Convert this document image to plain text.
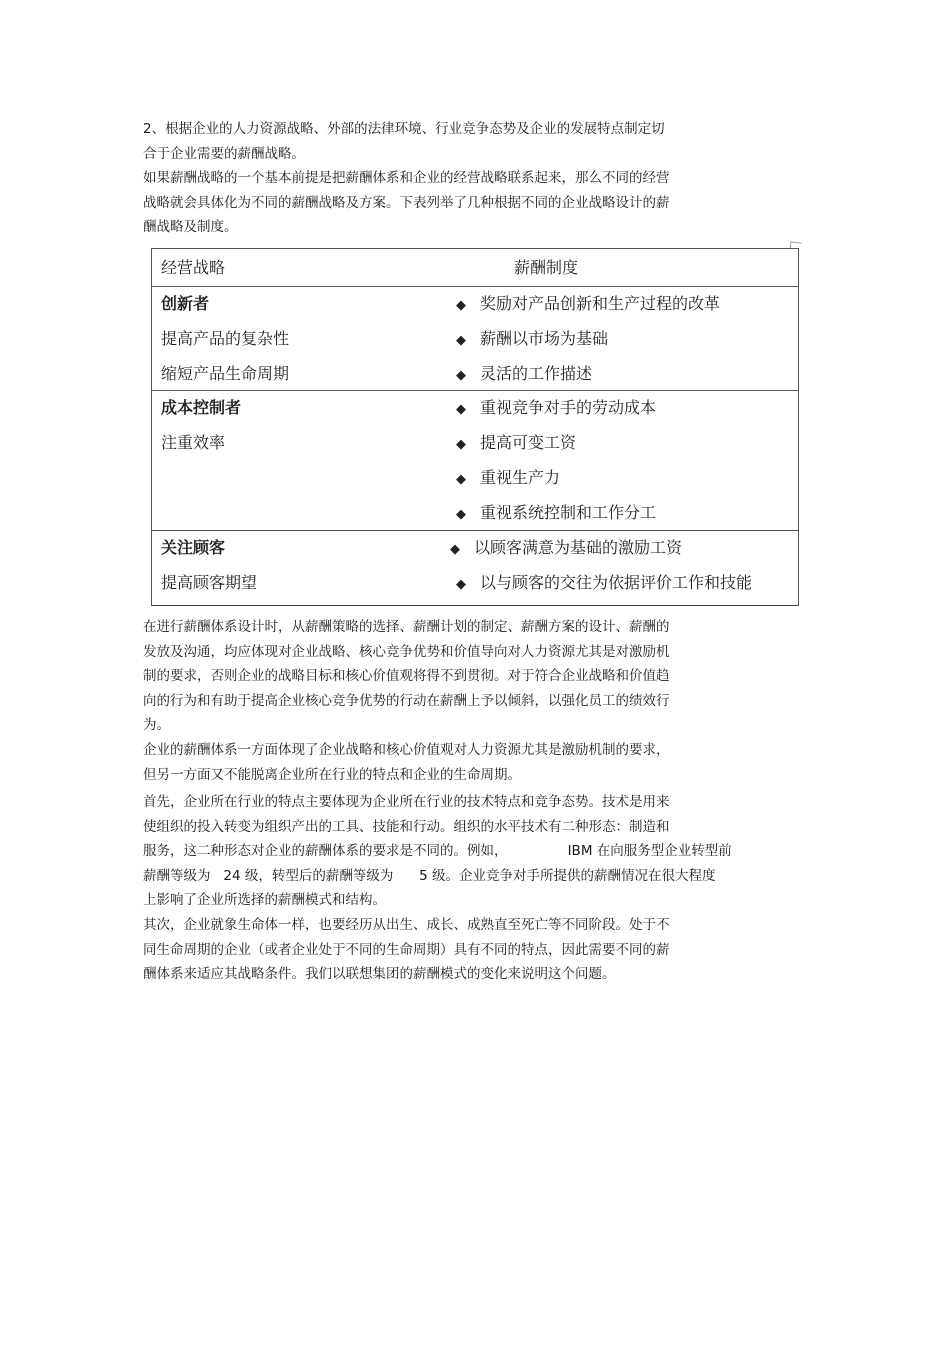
2、根据企业的人力资源战略、外部的法律环境、行业竞争态势及企业的发展特点制定切
合于企业需要的薪酬战略。
如果薪酬战略的一个基本前提是把薪酬体系和企业的经营战略联系起来，那么不同的经营
战略就会具体化为不同的薪酬战略及方案。下表列举了几种根据不同的企业战略设计的薪
酬战略及制度。
经营战略	薪酬制度
创新者
提高产品的复杂性
缩短产品生命周期
◆ 奖励对产品创新和生产过程的改革
◆ 薪酬以市场为基础
◆ 灵活的工作描述
成本控制者
注重效率
◆ 重视竞争对手的劳动成本
◆ 提高可变工资
◆ 重视生产力
◆ 重视系统控制和工作分工
关注顾客
提高顾客期望
◆ 以顾客满意为基础的激励工资
◆ 以与顾客的交往为依据评价工作和技能
在进行薪酬体系设计时，从薪酬策略的选择、薪酬计划的制定、薪酬方案的设计、薪酬的
发放及沟通，均应体现对企业战略、核心竞争优势和价值导向对人力资源尤其是对激励机
制的要求，否则企业的战略目标和核心价值观将得不到贯彻。对于符合企业战略和价值趋
向的行为和有助于提高企业核心竞争优势的行动在薪酬上予以倾斜，以强化员工的绩效行
为。
企业的薪酬体系一方面体现了企业战略和核心价值观对人力资源尤其是激励机制的要求，
但另一方面又不能脱离企业所在行业的特点和企业的生命周期。
首先，企业所在行业的特点主要体现为企业所在行业的技术特点和竞争态势。技术是用来
使组织的投入转变为组织产出的工具、技能和行动。组织的水平技术有二种形态：制造和
服务，这二种形态对企业的薪酬体系的要求是不同的。例如，              IBM 在向服务型企业转型前
薪酬等级为   24 级，转型后的薪酬等级为      5 级。企业竞争对手所提供的薪酬情况在很大程度
上影响了企业所选择的薪酬模式和结构。
其次，企业就象生命体一样，也要经历从出生、成长、成熟直至死亡等不同阶段。处于不
同生命周期的企业（或者企业处于不同的生命周期）具有不同的特点，因此需要不同的薪
酬体系来适应其战略条件。我们以联想集团的薪酬模式的变化来说明这个问题。
